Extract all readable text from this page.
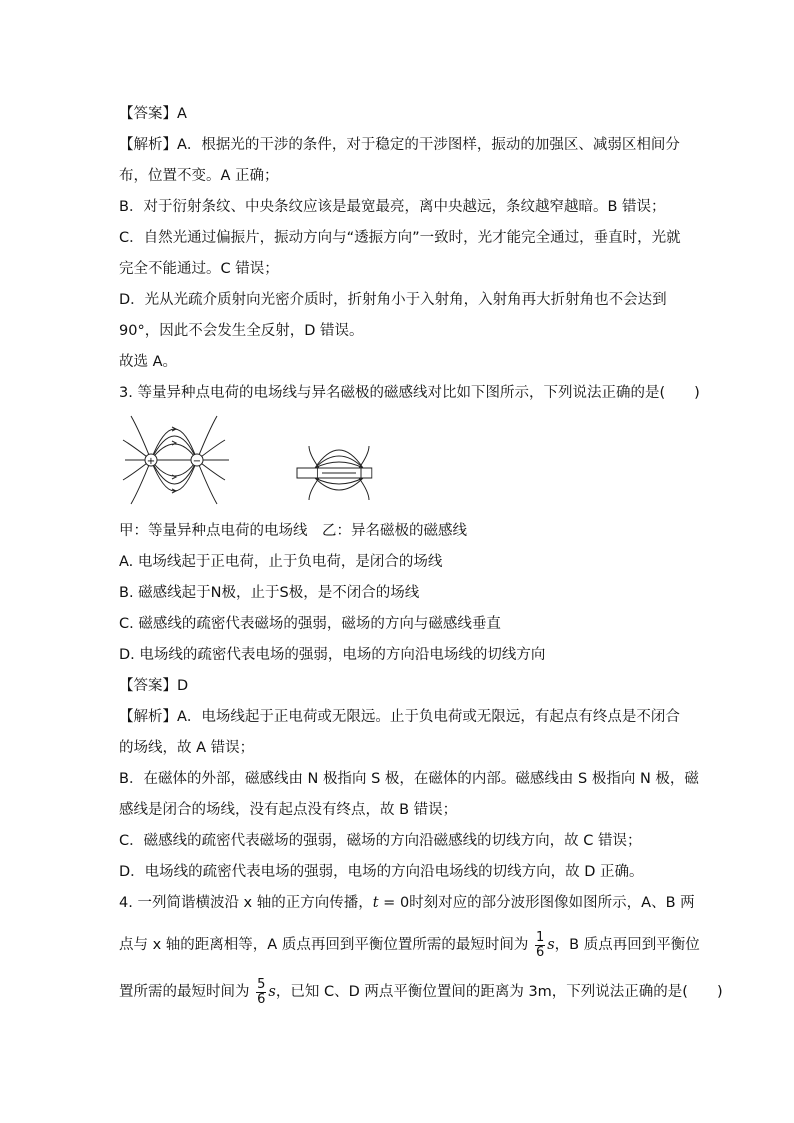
【答案】A
【解析】A．根据光的干涉的条件，对于稳定的干涉图样，振动的加强区、减弱区相间分
布，位置不变。A 正确；
B．对于衍射条纹、中央条纹应该是最宽最亮，离中央越远，条纹越窄越暗。B 错误；
C．自然光通过偏振片，振动方向与“透振方向”一致时，光才能完全通过，垂直时，光就
完全不能通过。C 错误；
D．光从光疏介质射向光密介质时，折射角小于入射角，入射角再大折射角也不会达到
90°，因此不会发生全反射，D 错误。
故选 A。
3. 等量异种点电荷的电场线与异名磁极的磁感线对比如下图所示，下列说法正确的是(　　)
+	−
甲：等量异种点电荷的电场线　乙：异名磁极的磁感线
A. 电场线起于正电荷，止于负电荷，是闭合的场线
B. 磁感线起于N极，止于S极，是不闭合的场线
C. 磁感线的疏密代表磁场的强弱，磁场的方向与磁感线垂直
D. 电场线的疏密代表电场的强弱，电场的方向沿电场线的切线方向
【答案】D
【解析】A．电场线起于正电荷或无限远。止于负电荷或无限远，有起点有终点是不闭合
的场线，故 A 错误；
B．在磁体的外部，磁感线由 N 极指向 S 极，在磁体的内部。磁感线由 S 极指向 N 极，磁
感线是闭合的场线，没有起点没有终点，故 B 错误；
C．磁感线的疏密代表磁场的强弱，磁场的方向沿磁感线的切线方向，故 C 错误；
D．电场线的疏密代表电场的强弱，电场的方向沿电场线的切线方向，故 D 正确。
4. 一列简谐横波沿 x 轴的正方向传播，t = 0时刻对应的部分波形图像如图所示，A、B 两
点与 x 轴的距离相等，A 质点再回到平衡位置所需的最短时间为 $\frac{1}{6}$ s，B 质点再回到平衡位
置所需的最短时间为 $\frac{5}{6}$ s，已知 C、D 两点平衡位置间的距离为 3m，下列说法正确的是(　　)
